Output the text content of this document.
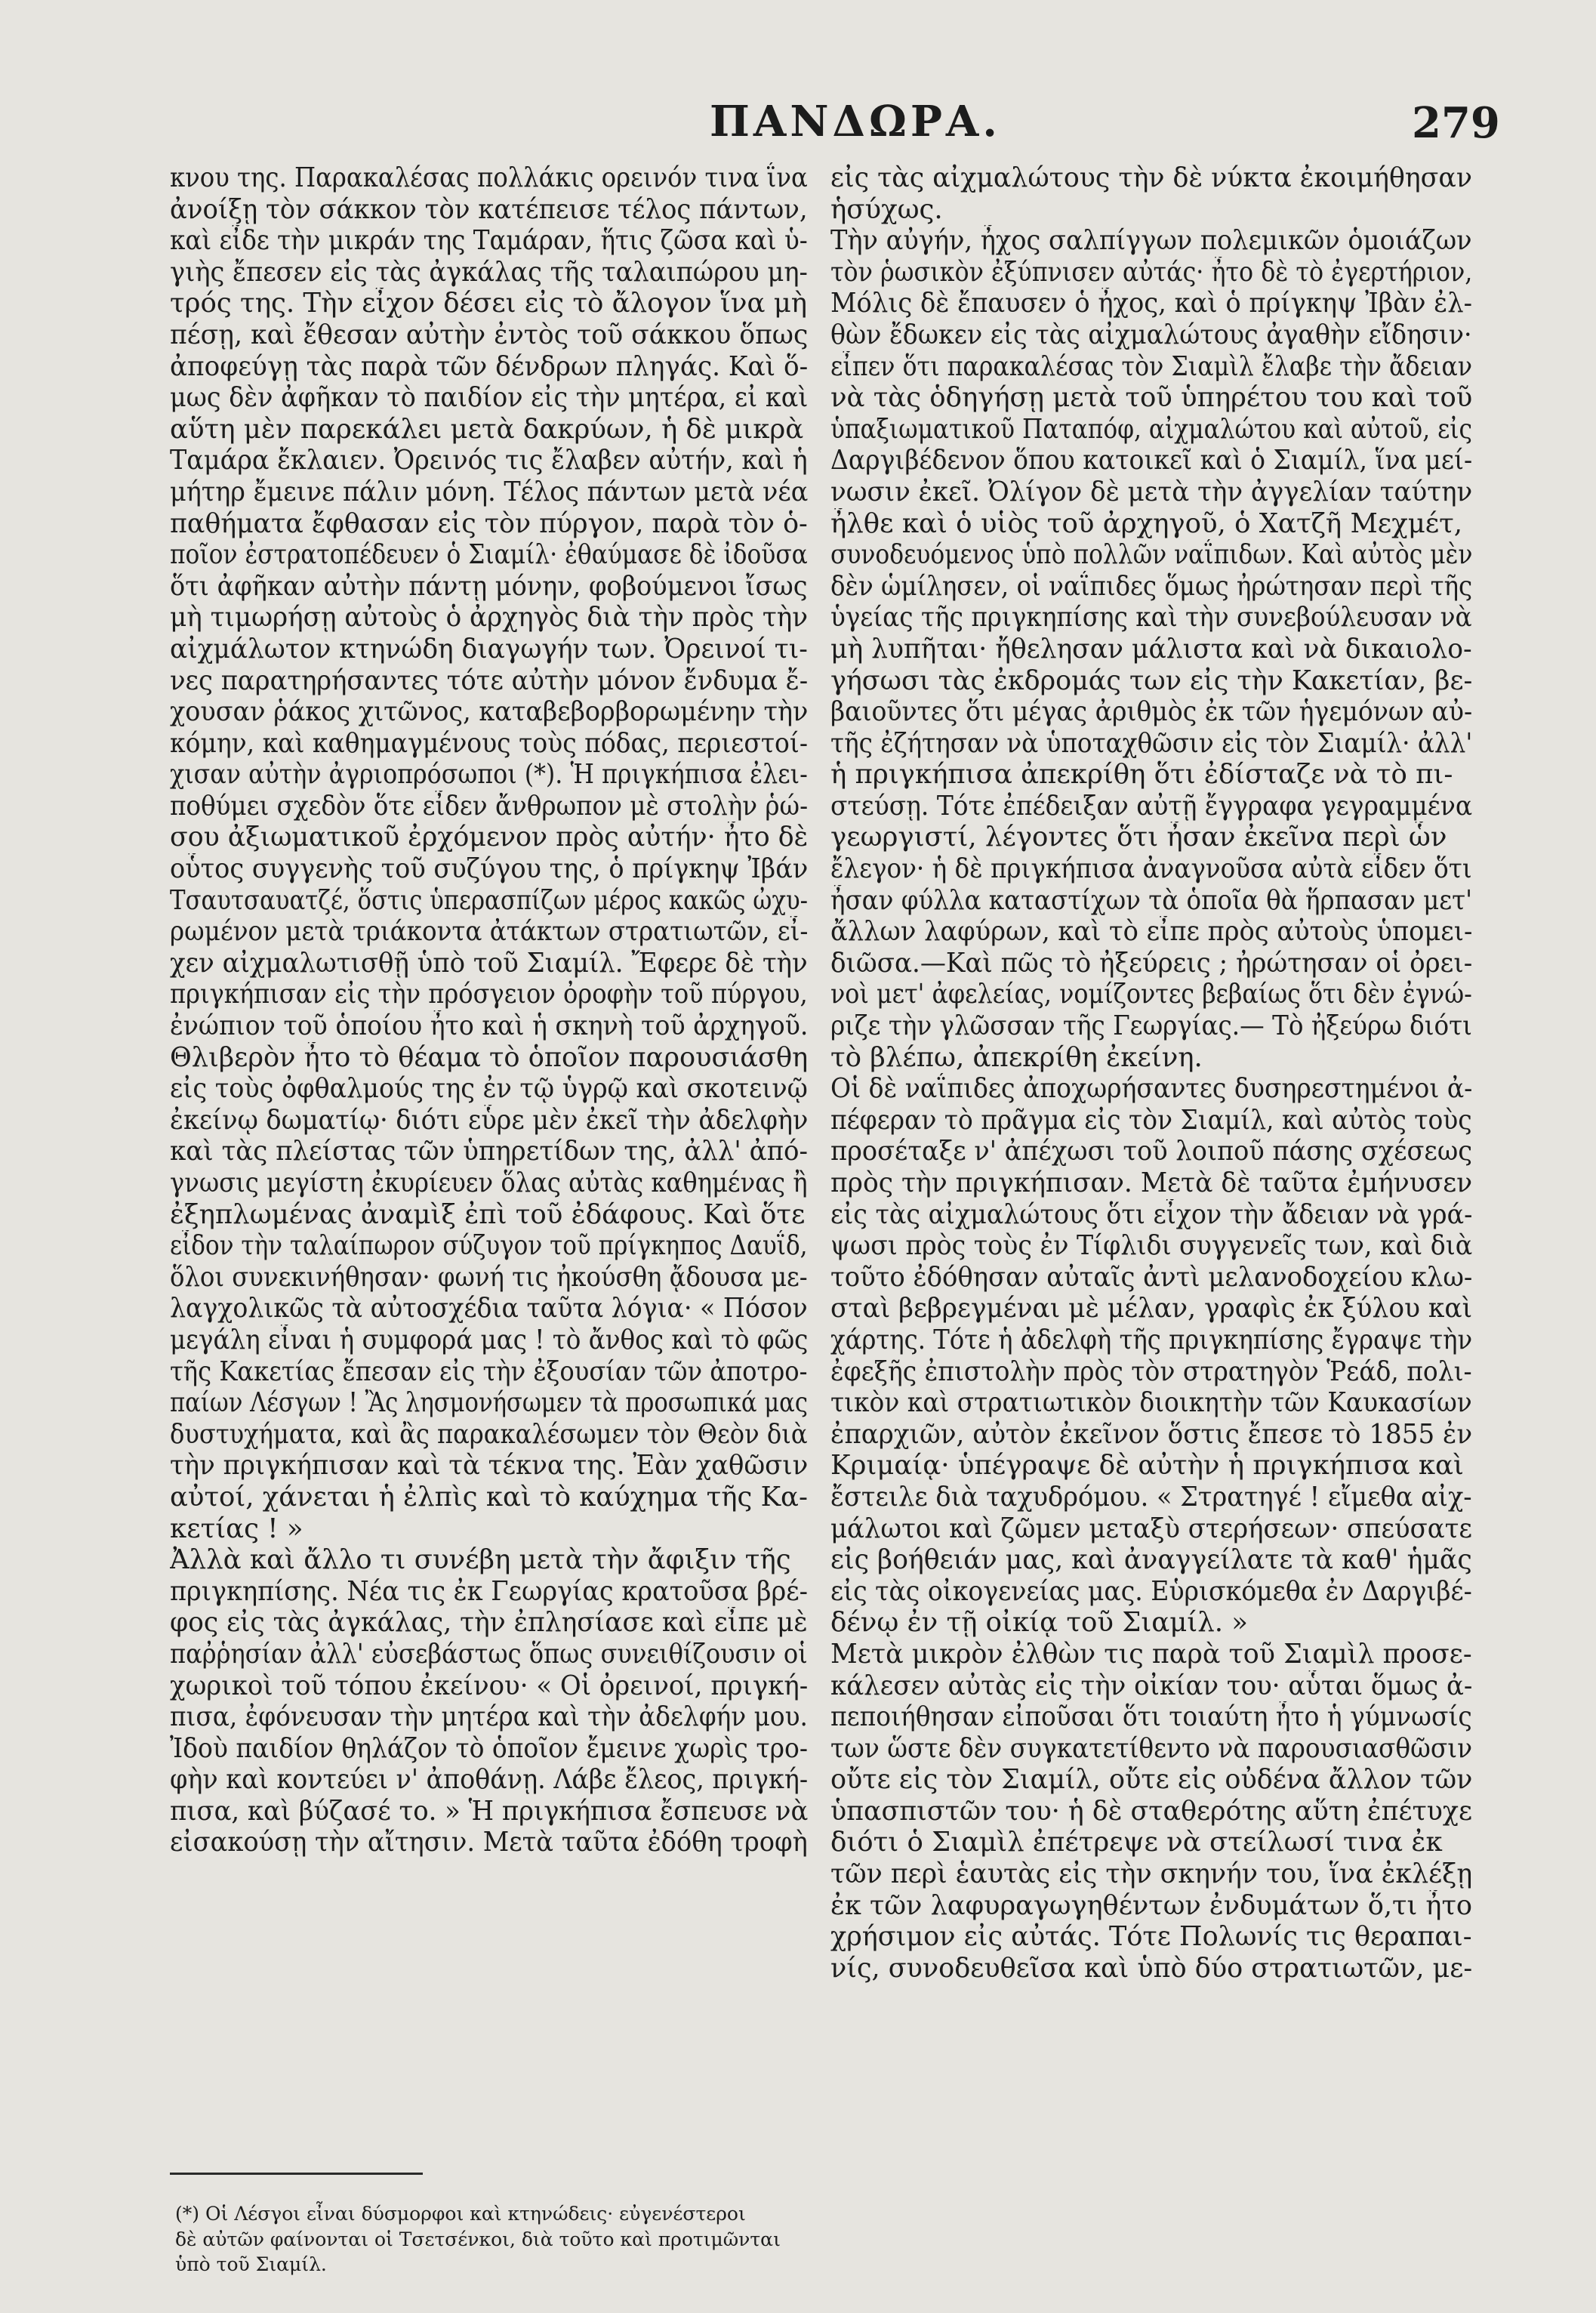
ΠΑΝΔΩΡΑ.	279
κνου της. Παρακαλέσας πολλάκις ορεινόν τινα ΐνα
ἀνοίξῃ τὸν σάκκον τὸν κατέπεισε τέλος πάντων,
καὶ εἶδε τὴν μικράν της Ταμάραν, ἥτις ζῶσα καὶ ὑ-
γιὴς ἔπεσεν εἰς τὰς ἀγκάλας τῆς ταλαιπώρου μη-
τρός της. Τὴν εἶχον δέσει εἰς τὸ ἄλογον ἵνα μὴ
πέσῃ, καὶ ἔθεσαν αὐτὴν ἐντὸς τοῦ σάκκου ὅπως
ἀποφεύγῃ τὰς παρὰ τῶν δένδρων πληγάς. Καὶ ὅ-
μως δὲν ἀφῆκαν τὸ παιδίον εἰς τὴν μητέρα, εἰ καὶ
αὕτη μὲν παρεκάλει μετὰ δακρύων, ἡ δὲ μικρὰ
Ταμάρα ἔκλαιεν. Ὀρεινός τις ἔλαβεν αὐτήν, καὶ ἡ
μήτηρ ἔμεινε πάλιν μόνη. Τέλος πάντων μετὰ νέα
παθήματα ἔφθασαν εἰς τὸν πύργον, παρὰ τὸν ὁ-
ποῖον ἐστρατοπέδευεν ὁ Σιαμίλ· ἐθαύμασε δὲ ἰδοῦσα
ὅτι ἀφῆκαν αὐτὴν πάντῃ μόνην, φοβούμενοι ἴσως
μὴ τιμωρήσῃ αὐτοὺς ὁ ἀρχηγὸς διὰ τὴν πρὸς τὴν
αἰχμάλωτον κτηνώδη διαγωγήν των. Ὀρεινοί τι-
νες παρατηρήσαντες τότε αὐτὴν μόνον ἔνδυμα ἔ-
χουσαν ῥάκος χιτῶνος, καταβεβορβορωμένην τὴν
κόμην, καὶ καθημαγμένους τοὺς πόδας, περιεστοί-
χισαν αὐτὴν ἀγριοπρόσωποι (*). Ἡ πριγκήπισα ἐλει-
ποθύμει σχεδὸν ὅτε εἶδεν ἄνθρωπον μὲ στολὴν ῥώ-
σου ἀξιωματικοῦ ἐρχόμενον πρὸς αὐτήν· ἦτο δὲ
οὗτος συγγενὴς τοῦ συζύγου της, ὁ πρίγκηψ Ἰβάν
Τσαυτσαυατζέ, ὅστις ὑπερασπίζων μέρος κακῶς ὠχυ-
ρωμένον μετὰ τριάκοντα ἀτάκτων στρατιωτῶν, εἶ-
χεν αἰχμαλωτισθῇ ὑπὸ τοῦ Σιαμίλ. Ἔφερε δὲ τὴν
πριγκήπισαν εἰς τὴν πρόσγειον ὀροφὴν τοῦ πύργου,
ἐνώπιον τοῦ ὁποίου ἦτο καὶ ἡ σκηνὴ τοῦ ἀρχηγοῦ.
Θλιβερὸν ἦτο τὸ θέαμα τὸ ὁποῖον παρουσιάσθη
εἰς τοὺς ὀφθαλμούς της ἐν τῷ ὑγρῷ καὶ σκοτεινῷ
ἐκείνῳ δωματίῳ· διότι εὗρε μὲν ἐκεῖ τὴν ἀδελφὴν
καὶ τὰς πλείστας τῶν ὑπηρετίδων της, ἀλλ' ἀπό-
γνωσις μεγίστη ἐκυρίευεν ὅλας αὐτὰς καθημένας ἢ
ἐξηπλωμένας ἀναμὶξ ἐπὶ τοῦ ἐδάφους. Καὶ ὅτε
εἶδον τὴν ταλαίπωρον σύζυγον τοῦ πρίγκηπος Δαυΐδ,
ὅλοι συνεκινήθησαν· φωνή τις ἠκούσθη ᾄδουσα με-
λαγχολικῶς τὰ αὐτοσχέδια ταῦτα λόγια· « Πόσον
μεγάλη εἶναι ἡ συμφορά μας ! τὸ ἄνθος καὶ τὸ φῶς
τῆς Κακετίας ἔπεσαν εἰς τὴν ἐξουσίαν τῶν ἀποτρο-
παίων Λέσγων ! Ἂς λησμονήσωμεν τὰ προσωπικά μας
δυστυχήματα, καὶ ἂς παρακαλέσωμεν τὸν Θεὸν διὰ
τὴν πριγκήπισαν καὶ τὰ τέκνα της. Ἐὰν χαθῶσιν
αὐτοί, χάνεται ἡ ἐλπὶς καὶ τὸ καύχημα τῆς Κα-
κετίας ! »
Ἀλλὰ καὶ ἄλλο τι συνέβη μετὰ τὴν ἄφιξιν τῆς
πριγκηπίσης. Νέα τις ἐκ Γεωργίας κρατοῦσα βρέ-
φος εἰς τὰς ἀγκάλας, τὴν ἐπλησίασε καὶ εἶπε μὲ
παῤῥησίαν ἀλλ' εὐσεβάστως ὅπως συνειθίζουσιν οἱ
χωρικοὶ τοῦ τόπου ἐκείνου· « Οἱ ὀρεινοί, πριγκή-
πισα, ἐφόνευσαν τὴν μητέρα καὶ τὴν ἀδελφήν μου.
Ἰδοὺ παιδίον θηλάζον τὸ ὁποῖον ἔμεινε χωρὶς τρο-
φὴν καὶ κοντεύει ν' ἀποθάνῃ. Λάβε ἔλεος, πριγκή-
πισα, καὶ βύζασέ το. » Ἡ πριγκήπισα ἔσπευσε νὰ
εἰσακούσῃ τὴν αἴτησιν. Μετὰ ταῦτα ἐδόθη τροφὴ
εἰς τὰς αἰχμαλώτους τὴν δὲ νύκτα ἐκοιμήθησαν
ἡσύχως.
Τὴν αὐγήν, ἦχος σαλπίγγων πολεμικῶν ὁμοιάζων
τὸν ῥωσικὸν ἐξύπνισεν αὐτάς· ἦτο δὲ τὸ ἐγερτήριον,
Μόλις δὲ ἔπαυσεν ὁ ἦχος, καὶ ὁ πρίγκηψ Ἰβὰν ἐλ-
θὼν ἔδωκεν εἰς τὰς αἰχμαλώτους ἀγαθὴν εἴδησιν·
εἶπεν ὅτι παρακαλέσας τὸν Σιαμὶλ ἔλαβε τὴν ἄδειαν
νὰ τὰς ὁδηγήσῃ μετὰ τοῦ ὑπηρέτου του καὶ τοῦ
ὑπαξιωματικοῦ Παταπόφ, αἰχμαλώτου καὶ αὐτοῦ, εἰς
Δαργιβέδενον ὅπου κατοικεῖ καὶ ὁ Σιαμίλ, ἵνα μεί-
νωσιν ἐκεῖ. Ὀλίγον δὲ μετὰ τὴν ἀγγελίαν ταύτην
ἦλθε καὶ ὁ υἱὸς τοῦ ἀρχηγοῦ, ὁ Χατζῆ Μεχμέτ,
συνοδευόμενος ὑπὸ πολλῶν ναΐπιδων. Καὶ αὐτὸς μὲν
δὲν ὡμίλησεν, οἱ ναΐπιδες ὅμως ἠρώτησαν περὶ τῆς
ὑγείας τῆς πριγκηπίσης καὶ τὴν συνεβούλευσαν νὰ
μὴ λυπῆται· ἤθελησαν μάλιστα καὶ νὰ δικαιολο-
γήσωσι τὰς ἐκδρομάς των εἰς τὴν Κακετίαν, βε-
βαιοῦντες ὅτι μέγας ἀριθμὸς ἐκ τῶν ἡγεμόνων αὐ-
τῆς ἐζήτησαν νὰ ὑποταχθῶσιν εἰς τὸν Σιαμίλ· ἀλλ'
ἡ πριγκήπισα ἀπεκρίθη ὅτι ἐδίσταζε νὰ τὸ πι-
στεύσῃ. Τότε ἐπέδειξαν αὐτῇ ἔγγραφα γεγραμμένα
γεωργιστί, λέγοντες ὅτι ἦσαν ἐκεῖνα περὶ ὧν
ἔλεγον· ἡ δὲ πριγκήπισα ἀναγνοῦσα αὐτὰ εἶδεν ὅτι
ἦσαν φύλλα καταστίχων τὰ ὁποῖα θὰ ἥρπασαν μετ'
ἄλλων λαφύρων, καὶ τὸ εἶπε πρὸς αὐτοὺς ὑπομει-
διῶσα.—Καὶ πῶς τὸ ἠξεύρεις ; ἠρώτησαν οἱ ὀρει-
νοὶ μετ' ἀφελείας, νομίζοντες βεβαίως ὅτι δὲν ἐγνώ-
ριζε τὴν γλῶσσαν τῆς Γεωργίας.— Τὸ ἠξεύρω διότι
τὸ βλέπω, ἀπεκρίθη ἐκείνη.
Οἱ δὲ ναΐπιδες ἀποχωρήσαντες δυσηρεστημένοι ἀ-
πέφεραν τὸ πρᾶγμα εἰς τὸν Σιαμίλ, καὶ αὐτὸς τοὺς
προσέταξε ν' ἀπέχωσι τοῦ λοιποῦ πάσης σχέσεως
πρὸς τὴν πριγκήπισαν. Μετὰ δὲ ταῦτα ἐμήνυσεν
εἰς τὰς αἰχμαλώτους ὅτι εἶχον τὴν ἄδειαν νὰ γρά-
ψωσι πρὸς τοὺς ἐν Τίφλιδι συγγενεῖς των, καὶ διὰ
τοῦτο ἐδόθησαν αὐταῖς ἀντὶ μελανοδοχείου κλω-
σταὶ βεβρεγμέναι μὲ μέλαν, γραφὶς ἐκ ξύλου καὶ
χάρτης. Τότε ἡ ἀδελφὴ τῆς πριγκηπίσης ἔγραψε τὴν
ἐφεξῆς ἐπιστολὴν πρὸς τὸν στρατηγὸν Ῥεάδ, πολι-
τικὸν καὶ στρατιωτικὸν διοικητὴν τῶν Καυκασίων
ἐπαρχιῶν, αὐτὸν ἐκεῖνον ὅστις ἔπεσε τὸ 1855 ἐν
Κριμαίᾳ· ὑπέγραψε δὲ αὐτὴν ἡ πριγκήπισα καὶ
ἔστειλε διὰ ταχυδρόμου. « Στρατηγέ ! εἴμεθα αἰχ-
μάλωτοι καὶ ζῶμεν μεταξὺ στερήσεων· σπεύσατε
εἰς βοήθειάν μας, καὶ ἀναγγείλατε τὰ καθ' ἡμᾶς
εἰς τὰς οἰκογενείας μας. Εὑρισκόμεθα ἐν Δαργιβέ-
δένῳ ἐν τῇ οἰκίᾳ τοῦ Σιαμίλ. »
Μετὰ μικρὸν ἐλθὼν τις παρὰ τοῦ Σιαμὶλ προσε-
κάλεσεν αὐτὰς εἰς τὴν οἰκίαν του· αὗται ὅμως ἀ-
πεποιήθησαν εἰποῦσαι ὅτι τοιαύτη ἦτο ἡ γύμνωσίς
των ὥστε δὲν συγκατετίθεντο νὰ παρουσιασθῶσιν
οὔτε εἰς τὸν Σιαμίλ, οὔτε εἰς οὐδένα ἄλλον τῶν
ὑπασπιστῶν του· ἡ δὲ σταθερότης αὕτη ἐπέτυχε
διότι ὁ Σιαμὶλ ἐπέτρεψε νὰ στείλωσί τινα ἐκ
τῶν περὶ ἑαυτὰς εἰς τὴν σκηνήν του, ἵνα ἐκλέξῃ
ἐκ τῶν λαφυραγωγηθέντων ἐνδυμάτων ὅ,τι ἦτο
χρήσιμον εἰς αὐτάς. Τότε Πολωνίς τις θεραπαι-
νίς, συνοδευθεῖσα καὶ ὑπὸ δύο στρατιωτῶν, με-
(*) Οἱ Λέσγοι εἶναι δύσμορφοι καὶ κτηνώδεις· εὐγενέστεροι
δὲ αὐτῶν φαίνονται οἱ Τσετσένκοι, διὰ τοῦτο καὶ προτιμῶνται
ὑπὸ τοῦ Σιαμίλ.
